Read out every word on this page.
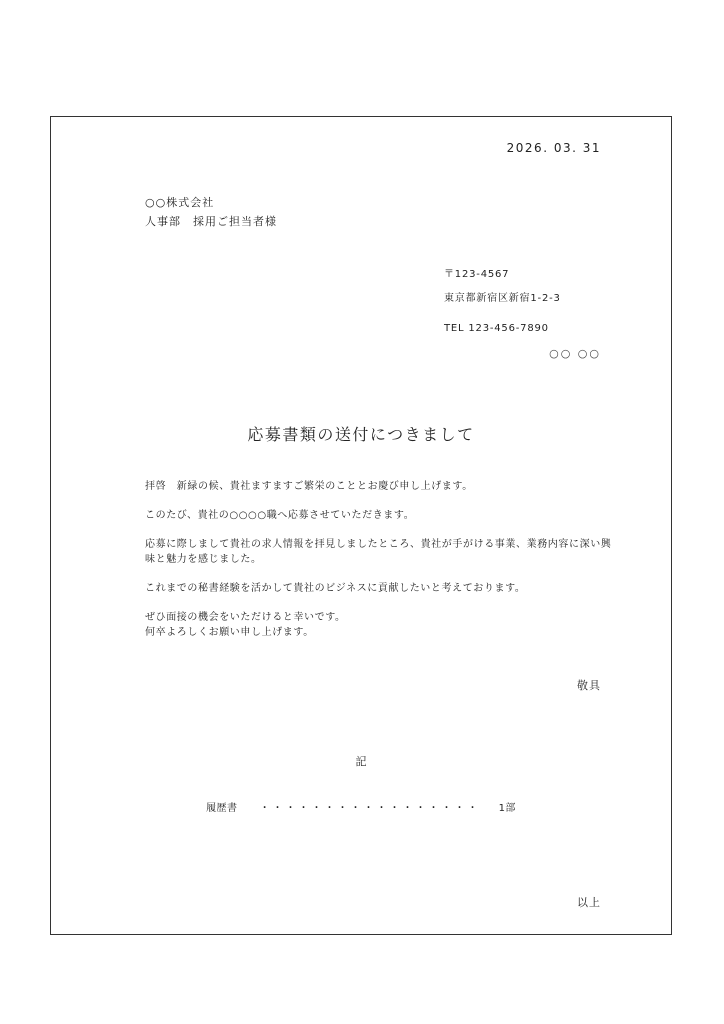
2026. 03. 31
○○株式会社
人事部　採用ご担当者様
〒123-4567
東京都新宿区新宿1-2-3
TEL 123-456-7890
○○ ○○
応募書類の送付につきまして

拝啓　新緑の候、貴社ますますご繁栄のこととお慶び申し上げます。

このたび、貴社の○○○○職へ応募させていただきます。

応募に際しまして貴社の求人情報を拝見しましたところ、貴社が手がける事業、業務内容に深い興味と魅力を感じました。

これまでの秘書経験を活かして貴社のビジネスに貢献したいと考えております。

ぜひ面接の機会をいただけると幸いです。
何卒よろしくお願い申し上げます。

敬具
記
履歴書 ・・・・・・・・・・・・・・・・・ 1部
以上
